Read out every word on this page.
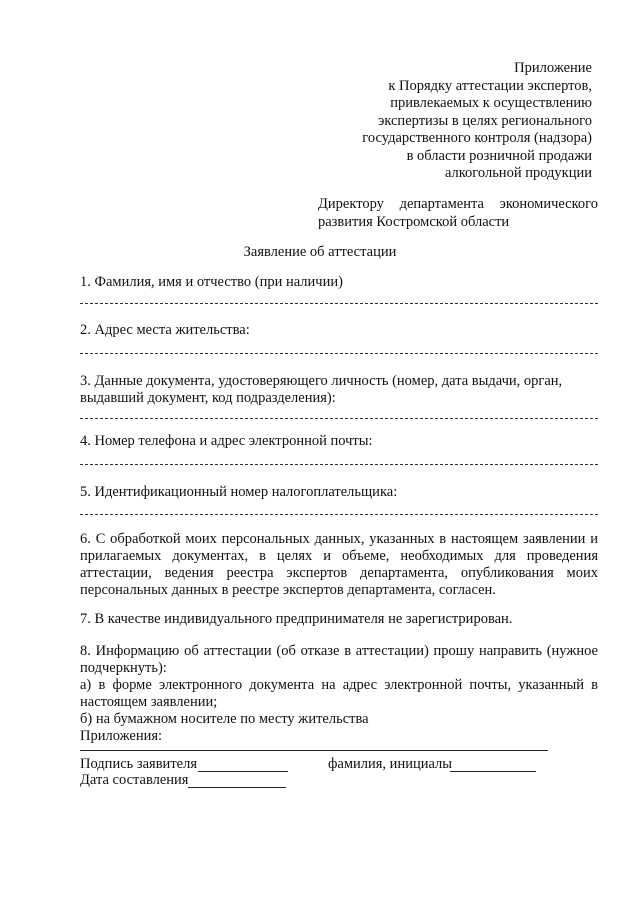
Приложение
к Порядку аттестации экспертов,
привлекаемых к осуществлению
экспертизы в целях регионального
государственного контроля (надзора)
в области розничной продажи
алкогольной продукции
Директору департамента экономического
развития Костромской области
Заявление об аттестации
1. Фамилия, имя и отчество (при наличии)
2. Адрес места жительства:
3. Данные документа, удостоверяющего личность (номер, дата выдачи, орган,
выдавший документ, код подразделения):
4. Номер телефона и адрес электронной почты:
5. Идентификационный номер налогоплательщика:
6. С обработкой моих персональных данных, указанных в настоящем заявлении и
прилагаемых документах, в целях и объеме, необходимых для проведения
аттестации, ведения реестра экспертов департамента, опубликования моих
персональных данных в реестре экспертов департамента, согласен.
7. В качестве индивидуального предпринимателя не зарегистрирован.
8. Информацию об аттестации (об отказе в аттестации) прошу направить (нужное
подчеркнуть):
а) в форме электронного документа на адрес электронной почты, указанный в
настоящем заявлении;
б) на бумажном носителе по месту жительства
Приложения:
Подпись заявителя	фамилия, инициалы
Дата составления
